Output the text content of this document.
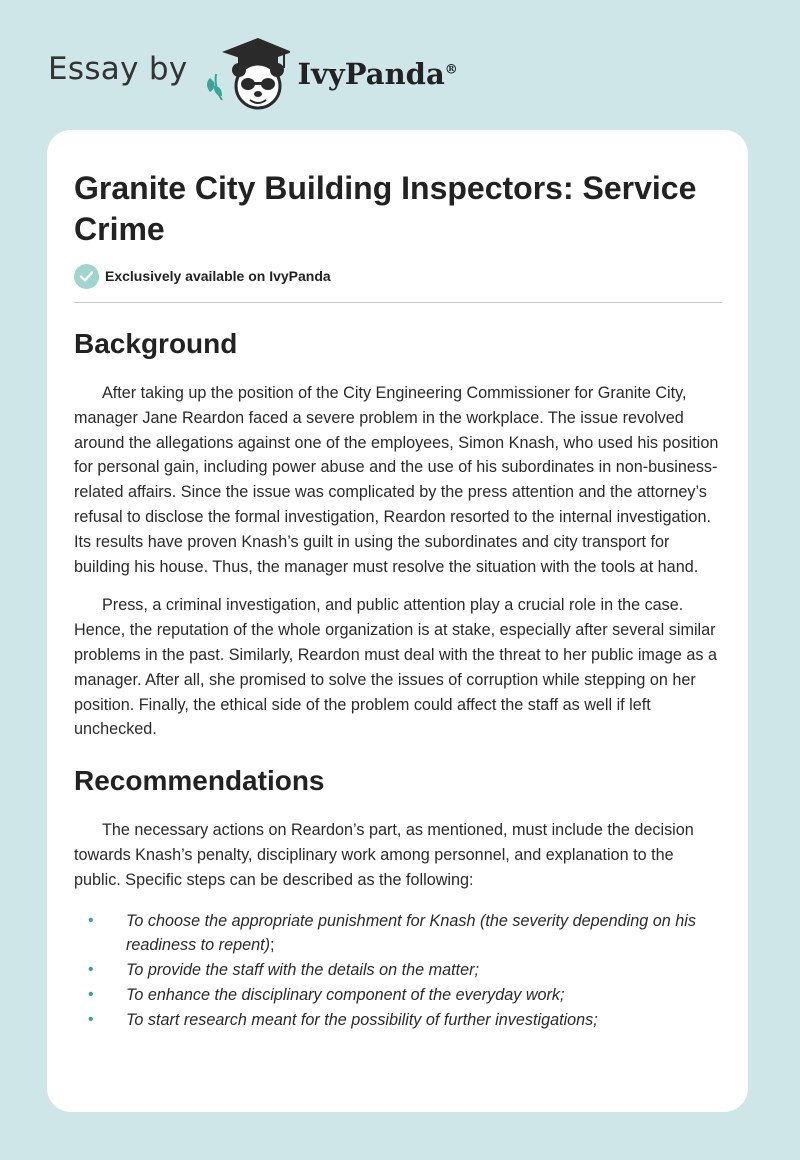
Essay by	IvyPanda®
Granite City Building Inspectors: Service Crime
Exclusively available on IvyPanda
Background

After taking up the position of the City Engineering Commissioner for Granite City, manager Jane Reardon faced a severe problem in the workplace. The issue revolved around the allegations against one of the employees, Simon Knash, who used his position for personal gain, including power abuse and the use of his subordinates in non-business-related affairs. Since the issue was complicated by the press attention and the attorney’s refusal to disclose the formal investigation, Reardon resorted to the internal investigation. Its results have proven Knash’s guilt in using the subordinates and city transport for building his house. Thus, the manager must resolve the situation with the tools at hand.

Press, a criminal investigation, and public attention play a crucial role in the case. Hence, the reputation of the whole organization is at stake, especially after several similar problems in the past. Similarly, Reardon must deal with the threat to her public image as a manager. After all, she promised to solve the issues of corruption while stepping on her position. Finally, the ethical side of the problem could affect the staff as well if left unchecked.

Recommendations

The necessary actions on Reardon’s part, as mentioned, must include the decision towards Knash’s penalty, disciplinary work among personnel, and explanation to the public. Specific steps can be described as the following:

• To choose the appropriate punishment for Knash (the severity depending on his readiness to repent);
• To provide the staff with the details on the matter;
• To enhance the disciplinary component of the everyday work;
• To start research meant for the possibility of further investigations;
